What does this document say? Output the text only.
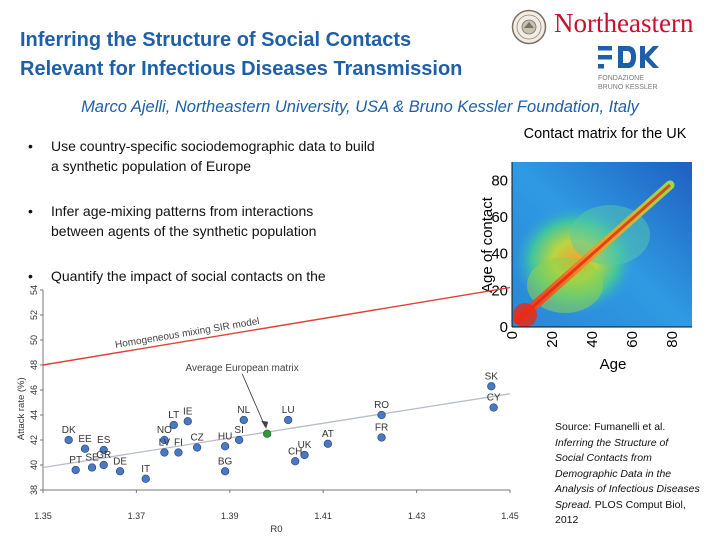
Inferring the Structure of Social Contacts
Relevant for Infectious Diseases Transmission
Northeastern
FONDAZIONE
BRUNO KESSLER
Marco Ajelli, Northeastern University, USA & Bruno Kessler Foundation, Italy
• Use country-specific sociodemographic data to build
a synthetic population of Europe
• Infer age-mixing patterns from interactions
between agents of the synthetic population
• Quantify the impact of social contacts on the
Contact matrix for the UK
0
0
20
20
40
40
60
60
80
80
Age
Age of contact
38
40
42
44
46
48
50
52
54
1.35	1.37	1.39	1.41	1.43	1.45
Attack rate (%)
R0
Homogeneous mixing SIR model
DK
EE ES
PT SE
GR
DE
IT
LT IE
NO
LV FI CZ
BG
HU
SI
NL	LU
UK
CH
AT
RO
FR
SK
CY
Average European matrix
Source: Fumanelli et al.
Inferring the Structure of
Social Contacts from
Demographic Data in the
Analysis of Infectious Diseases
Spread. PLOS Comput Biol,
2012
